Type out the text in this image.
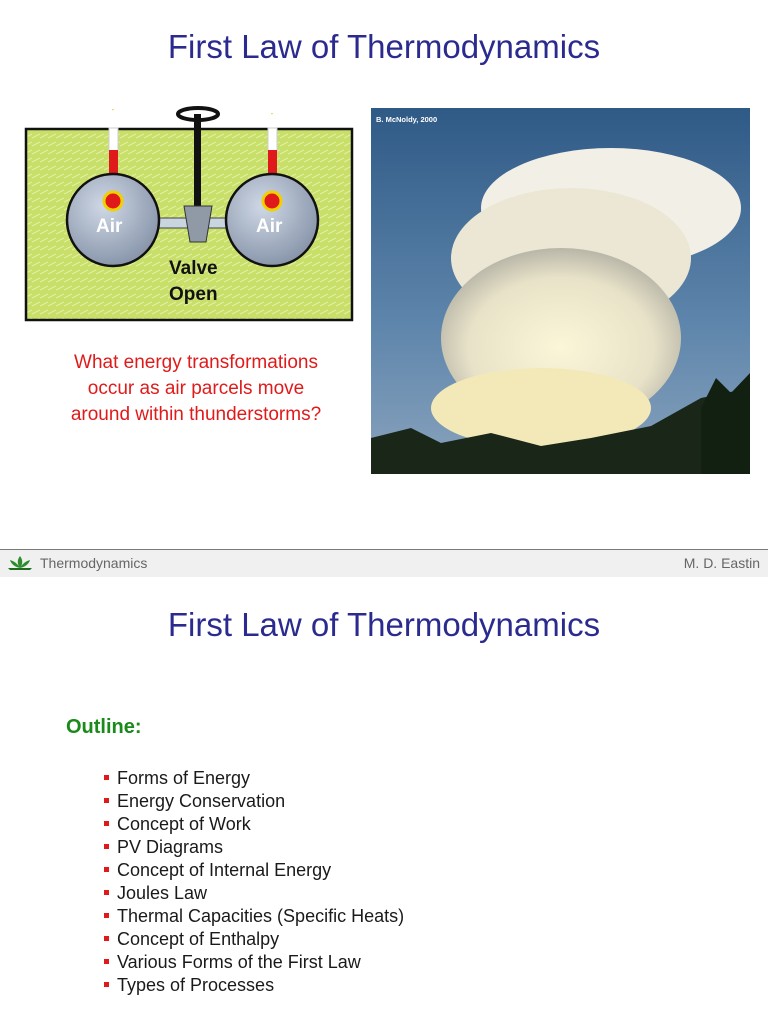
First Law of Thermodynamics
-	-
Air	Air
Valve
Open
What energy transformations occur as air parcels move around within thunderstorms?
B. McNoldy, 2000
Thermodynamics	M. D. Eastin
First Law of Thermodynamics
Outline:
Forms of Energy
Energy Conservation
Concept of Work
PV Diagrams
Concept of Internal Energy
Joules Law
Thermal Capacities (Specific Heats)
Concept of Enthalpy
Various Forms of the First Law
Types of Processes
